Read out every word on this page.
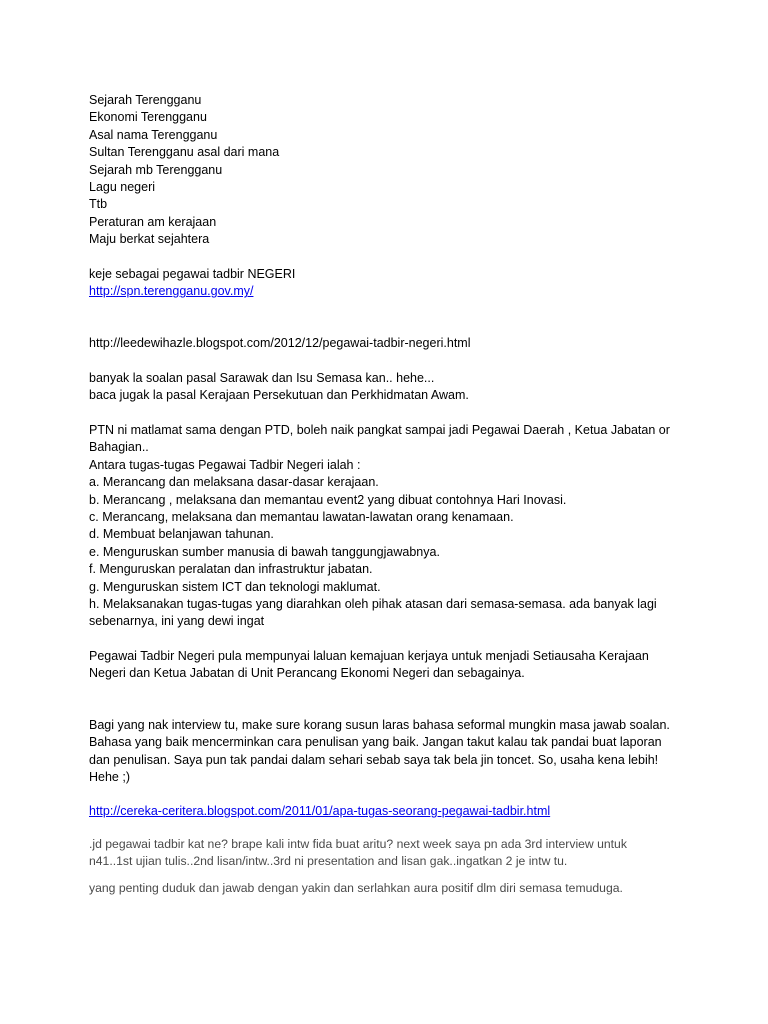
Sejarah Terengganu
Ekonomi Terengganu
Asal nama Terengganu
Sultan Terengganu asal dari mana
Sejarah mb Terengganu
Lagu negeri
Ttb
Peraturan am kerajaan
Maju berkat sejahtera
keje sebagai pegawai tadbir NEGERI
http://spn.terengganu.gov.my/
http://leedewihazle.blogspot.com/2012/12/pegawai-tadbir-negeri.html
banyak la soalan pasal Sarawak dan Isu Semasa kan.. hehe...
baca jugak la pasal Kerajaan Persekutuan dan Perkhidmatan Awam.
PTN ni matlamat sama dengan PTD, boleh naik pangkat sampai jadi Pegawai Daerah , Ketua Jabatan or
Bahagian..
Antara tugas-tugas Pegawai Tadbir Negeri ialah :
a. Merancang dan melaksana dasar-dasar kerajaan.
b. Merancang , melaksana dan memantau event2 yang dibuat contohnya Hari Inovasi.
c. Merancang, melaksana dan memantau lawatan-lawatan orang kenamaan.
d. Membuat belanjawan tahunan.
e. Menguruskan sumber manusia di bawah tanggungjawabnya.
f. Menguruskan peralatan dan infrastruktur jabatan.
g. Menguruskan sistem ICT dan teknologi maklumat.
h. Melaksanakan tugas-tugas yang diarahkan oleh pihak atasan dari semasa-semasa. ada banyak lagi
sebenarnya, ini yang dewi ingat
Pegawai Tadbir Negeri pula mempunyai laluan kemajuan kerjaya untuk menjadi Setiausaha Kerajaan
Negeri dan Ketua Jabatan di Unit Perancang Ekonomi Negeri dan sebagainya.
Bagi yang nak interview tu, make sure korang susun laras bahasa seformal mungkin masa jawab soalan.
Bahasa yang baik mencerminkan cara penulisan yang baik. Jangan takut kalau tak pandai buat laporan
dan penulisan. Saya pun tak pandai dalam sehari sebab saya tak bela jin toncet. So, usaha kena lebih!
Hehe ;)
http://cereka-ceritera.blogspot.com/2011/01/apa-tugas-seorang-pegawai-tadbir.html
.jd pegawai tadbir kat ne? brape kali intw fida buat aritu? next week saya pn ada 3rd interview untuk
n41..1st ujian tulis..2nd lisan/intw..3rd ni presentation and lisan gak..ingatkan 2 je intw tu.
yang penting duduk dan jawab dengan yakin dan serlahkan aura positif dlm diri semasa temuduga.
